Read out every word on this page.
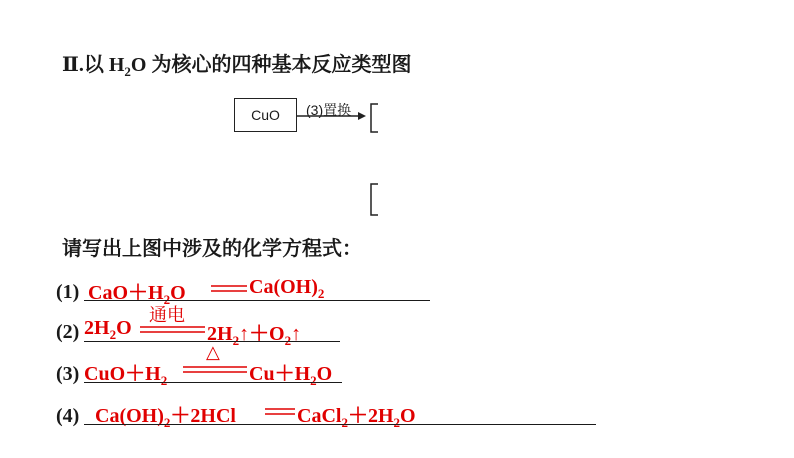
Ⅱ.以 $H_2O$ 为核心的四种基本反应类型图
CuO (3)置换
请写出上图中涉及的化学方程式：
(1) $CaO+H_2O$	$Ca(OH)_2$
(2) $2H_2O$
通电
$2H_2↑+O_2↑$
(3) $CuO+H_2$
△
$Cu+H_2O$
(4) $Ca(OH)_2+2HCl$	$CaCl_2+2H_2O$
